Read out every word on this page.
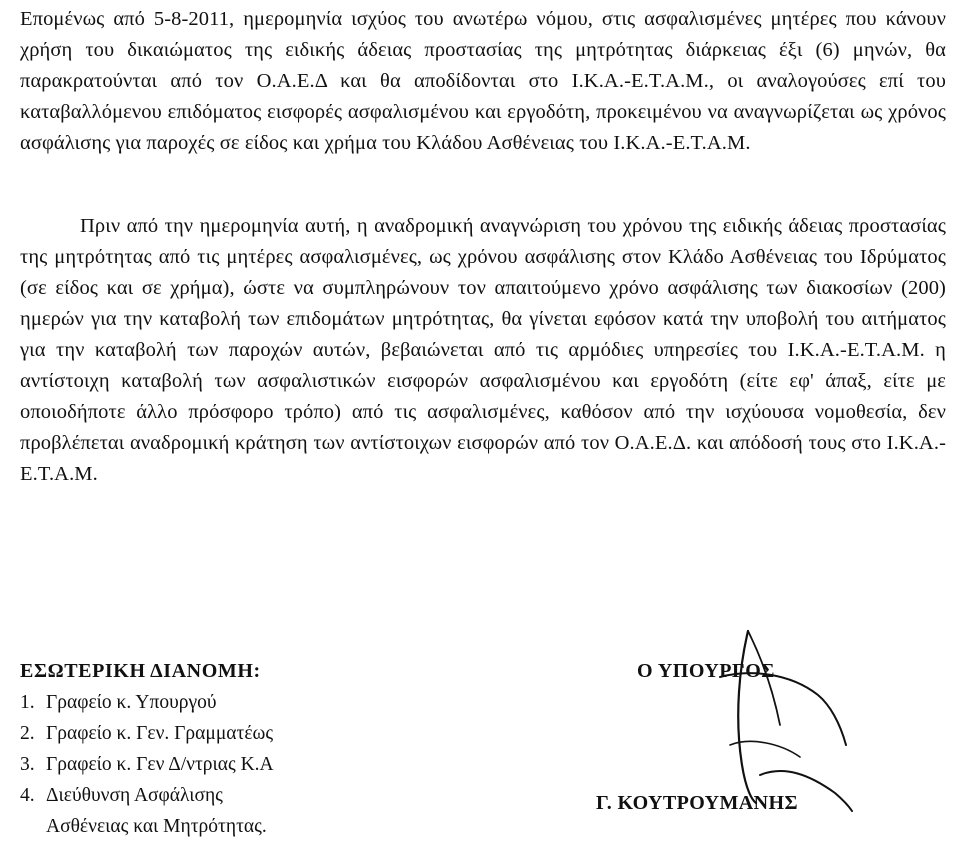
Επομένως από 5-8-2011, ημερομηνία ισχύος του ανωτέρω νόμου, στις ασφαλισμένες μητέρες που κάνουν χρήση του δικαιώματος της ειδικής άδειας προστασίας της μητρότητας διάρκειας έξι (6) μηνών, θα παρακρατούνται από τον Ο.Α.Ε.Δ και θα αποδίδονται στο Ι.Κ.Α.-Ε.Τ.Α.Μ., οι αναλογούσες επί του καταβαλλόμενου επιδόματος εισφορές ασφαλισμένου και εργοδότη, προκειμένου να αναγνωρίζεται ως χρόνος ασφάλισης για παροχές σε είδος και χρήμα του Κλάδου Ασθένειας του Ι.Κ.Α.-Ε.Τ.Α.Μ.
Πριν από την ημερομηνία αυτή, η αναδρομική αναγνώριση του χρόνου της ειδικής άδειας προστασίας της μητρότητας από τις μητέρες ασφαλισμένες, ως χρόνου ασφάλισης στον Κλάδο Ασθένειας του Ιδρύματος (σε είδος και σε χρήμα), ώστε να συμπληρώνουν τον απαιτούμενο χρόνο ασφάλισης των διακοσίων (200) ημερών για την καταβολή των επιδομάτων μητρότητας, θα γίνεται εφόσον κατά την υποβολή του αιτήματος για την καταβολή των παροχών αυτών, βεβαιώνεται από τις αρμόδιες υπηρεσίες του Ι.Κ.Α.-Ε.Τ.Α.Μ. η αντίστοιχη καταβολή των ασφαλιστικών εισφορών ασφαλισμένου και εργοδότη (είτε εφ' άπαξ, είτε με οποιοδήποτε άλλο πρόσφορο τρόπο) από τις ασφαλισμένες, καθόσον από την ισχύουσα νομοθεσία, δεν προβλέπεται αναδρομική κράτηση των αντίστοιχων εισφορών από τον Ο.Α.Ε.Δ. και απόδοσή τους στο Ι.Κ.Α.-Ε.Τ.Α.Μ.
ΕΣΩΤΕΡΙΚΗ ΔΙΑΝΟΜΗ:
1. Γραφείο κ. Υπουργού
2. Γραφείο κ. Γεν. Γραμματέως
3. Γραφείο κ. Γεν Δ/ντριας Κ.Α
4. Διεύθυνση Ασφάλισης
Ασθένειας και Μητρότητας.
Ο ΥΠΟΥΡΓΟΣ
Γ. ΚΟΥΤΡΟΥΜΑΝΗΣ
